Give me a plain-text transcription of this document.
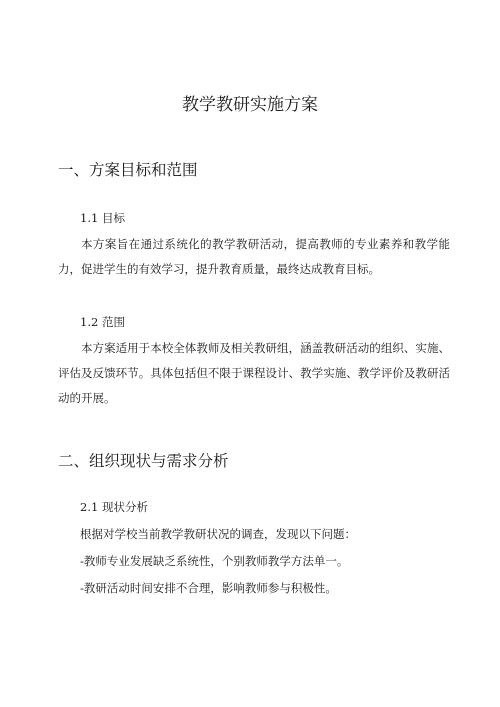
教学教研实施方案
一、方案目标和范围
1.1 目标

本方案旨在通过系统化的教学教研活动，提高教师的专业素养和教学能力，促进学生的有效学习，提升教育质量，最终达成教育目标。

1.2 范围

本方案适用于本校全体教师及相关教研组，涵盖教研活动的组织、实施、评估及反馈环节。具体包括但不限于课程设计、教学实施、教学评价及教研活动的开展。

二、组织现状与需求分析
2.1 现状分析
根据对学校当前教学教研状况的调查，发现以下问题：
-教师专业发展缺乏系统性，个别教师教学方法单一。
-教研活动时间安排不合理，影响教师参与积极性。
